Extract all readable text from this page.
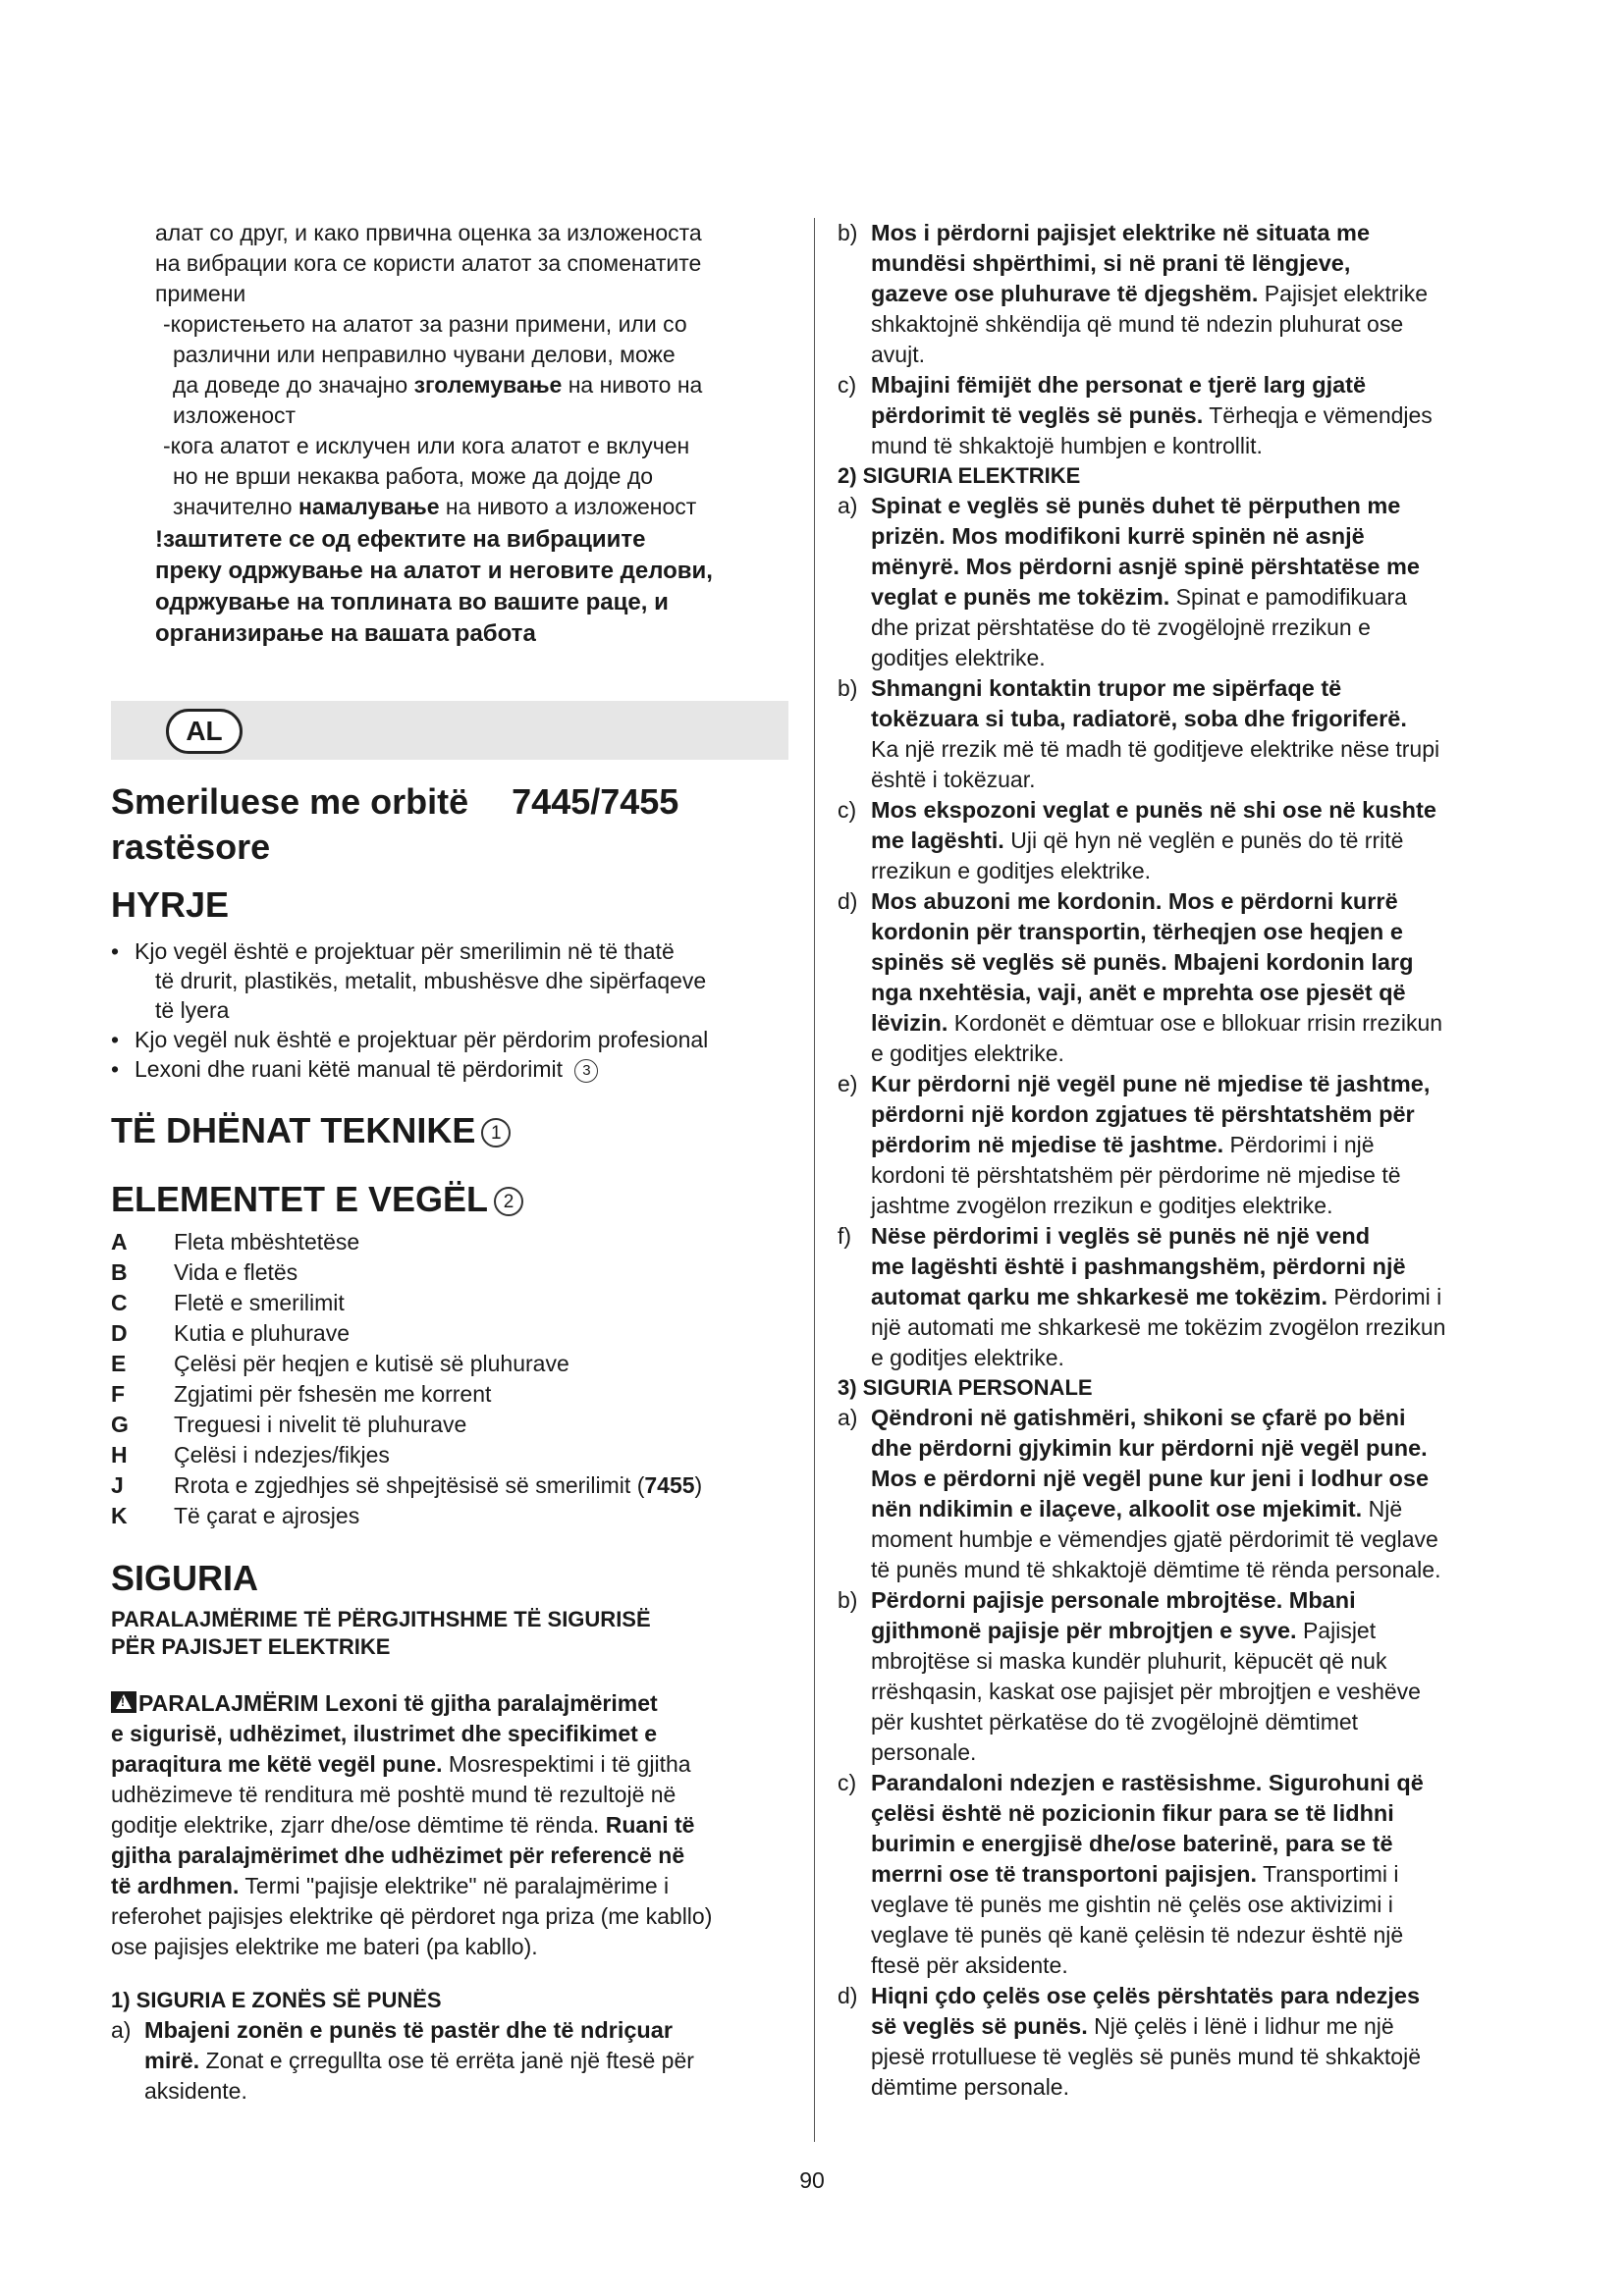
алат со друг, и како првична оценка за изложеноста

на вибрации кога се користи алатот за споменатите

примени

-користењето на алатот за разни примени, или со

различни или неправилно чувани делови, може

да доведе до значајно зголемување на нивото на

изложеност

-кога алатот е исклучен или кога алатот е вклучен

но не врши некаква работа, може да дојде до

значително намалување на нивото а изложеност

!заштитете се од ефектите на вибрациите
преку одржување на алатот и неговите делови,
одржување на топлината во вашите раце, и
организирање на вашата работа
AL
Smeriluese me orbitë 7445/7455
rastësore
HYRJE
• Kjo vegël është e projektuar për smerilimin në të thatë
të drurit, plastikës, metalit, mbushësve dhe sipërfaqeve
të lyera
• Kjo vegël nuk është e projektuar për përdorim profesional
• Lexoni dhe ruani këtë manual të përdorimit 3
TË DHËNAT TEKNIKE 1
ELEMENTET E VEGËL 2
A	Fleta mbështetëse
B	Vida e fletës
C	Fletë e smerilimit
D	Kutia e pluhurave
E	Çelësi për heqjen e kutisë së pluhurave
F	Zgjatimi për fshesën me korrent
G	Treguesi i nivelit të pluhurave
H	Çelësi i ndezjes/fikjes
J	Rrota e zgjedhjes së shpejtësisë së smerilimit (7455)
K	Të çarat e ajrosjes
SIGURIA
PARALAJMËRIME TË PËRGJITHSHME TË SIGURISË
PËR PAJISJET ELEKTRIKE

!PARALAJMËRIM Lexoni të gjitha paralajmërimet

e sigurisë, udhëzimet, ilustrimet dhe specifikimet e

paraqitura me këtë vegël pune. Mosrespektimi i të gjitha

udhëzimeve të renditura më poshtë mund të rezultojë në

goditje elektrike, zjarr dhe/ose dëmtime të rënda. Ruani të

gjitha paralajmërimet dhe udhëzimet për referencë në

të ardhmen. Termi "pajisje elektrike" në paralajmërime i

referohet pajisjes elektrike që përdoret nga priza (me kabllo)

ose pajisjes elektrike me bateri (pa kabllo).

1) SIGURIA E ZONËS SË PUNËS
a) Mbajeni zonën e punës të pastër dhe të ndriçuar
mirë. Zonat e çrregullta ose të errëta janë një ftesë për
aksidente.
b) Mos i përdorni pajisjet elektrike në situata me
mundësi shpërthimi, si në prani të lëngjeve,
gazeve ose pluhurave të djegshëm. Pajisjet elektrike
shkaktojnë shkëndija që mund të ndezin pluhurat ose
avujt.
c) Mbajini fëmijët dhe personat e tjerë larg gjatë
përdorimit të veglës së punës. Tërheqja e vëmendjes
mund të shkaktojë humbjen e kontrollit.
2) SIGURIA ELEKTRIKE
a) Spinat e veglës së punës duhet të përputhen me
prizën. Mos modifikoni kurrë spinën në asnjë
mënyrë. Mos përdorni asnjë spinë përshtatëse me
veglat e punës me tokëzim. Spinat e pamodifikuara
dhe prizat përshtatëse do të zvogëlojnë rrezikun e
goditjes elektrike.
b) Shmangni kontaktin trupor me sipërfaqe të
tokëzuara si tuba, radiatorë, soba dhe frigoriferë.
Ka një rrezik më të madh të goditjeve elektrike nëse trupi
është i tokëzuar.
c) Mos ekspozoni veglat e punës në shi ose në kushte
me lagështi. Uji që hyn në veglën e punës do të rritë
rrezikun e goditjes elektrike.
d) Mos abuzoni me kordonin. Mos e përdorni kurrë
kordonin për transportin, tërheqjen ose heqjen e
spinës së veglës së punës. Mbajeni kordonin larg
nga nxehtësia, vaji, anët e mprehta ose pjesët që
lëvizin. Kordonët e dëmtuar ose e bllokuar rrisin rrezikun
e goditjes elektrike.
e) Kur përdorni një vegël pune në mjedise të jashtme,
përdorni një kordon zgjatues të përshtatshëm për
përdorim në mjedise të jashtme. Përdorimi i një
kordoni të përshtatshëm për përdorime në mjedise të
jashtme zvogëlon rrezikun e goditjes elektrike.
f) Nëse përdorimi i veglës së punës në një vend
me lagështi është i pashmangshëm, përdorni një
automat qarku me shkarkesë me tokëzim. Përdorimi i
një automati me shkarkesë me tokëzim zvogëlon rrezikun
e goditjes elektrike.
3) SIGURIA PERSONALE
a) Qëndroni në gatishmëri, shikoni se çfarë po bëni
dhe përdorni gjykimin kur përdorni një vegël pune.
Mos e përdorni një vegël pune kur jeni i lodhur ose
nën ndikimin e ilaçeve, alkoolit ose mjekimit. Një
moment humbje e vëmendjes gjatë përdorimit të veglave
të punës mund të shkaktojë dëmtime të rënda personale.
b) Përdorni pajisje personale mbrojtëse. Mbani
gjithmonë pajisje për mbrojtjen e syve. Pajisjet
mbrojtëse si maska kundër pluhurit, këpucët që nuk
rrëshqasin, kaskat ose pajisjet për mbrojtjen e veshëve
për kushtet përkatëse do të zvogëlojnë dëmtimet
personale.
c) Parandaloni ndezjen e rastësishme. Sigurohuni që
çelësi është në pozicionin fikur para se të lidhni
burimin e energjisë dhe/ose baterinë, para se të
merrni ose të transportoni pajisjen. Transportimi i
veglave të punës me gishtin në çelës ose aktivizimi i
veglave të punës që kanë çelësin të ndezur është një
ftesë për aksidente.
d) Hiqni çdo çelës ose çelës përshtatës para ndezjes
së veglës së punës. Një çelës i lënë i lidhur me një
pjesë rrotulluese të veglës së punës mund të shkaktojë
dëmtime personale.
90
